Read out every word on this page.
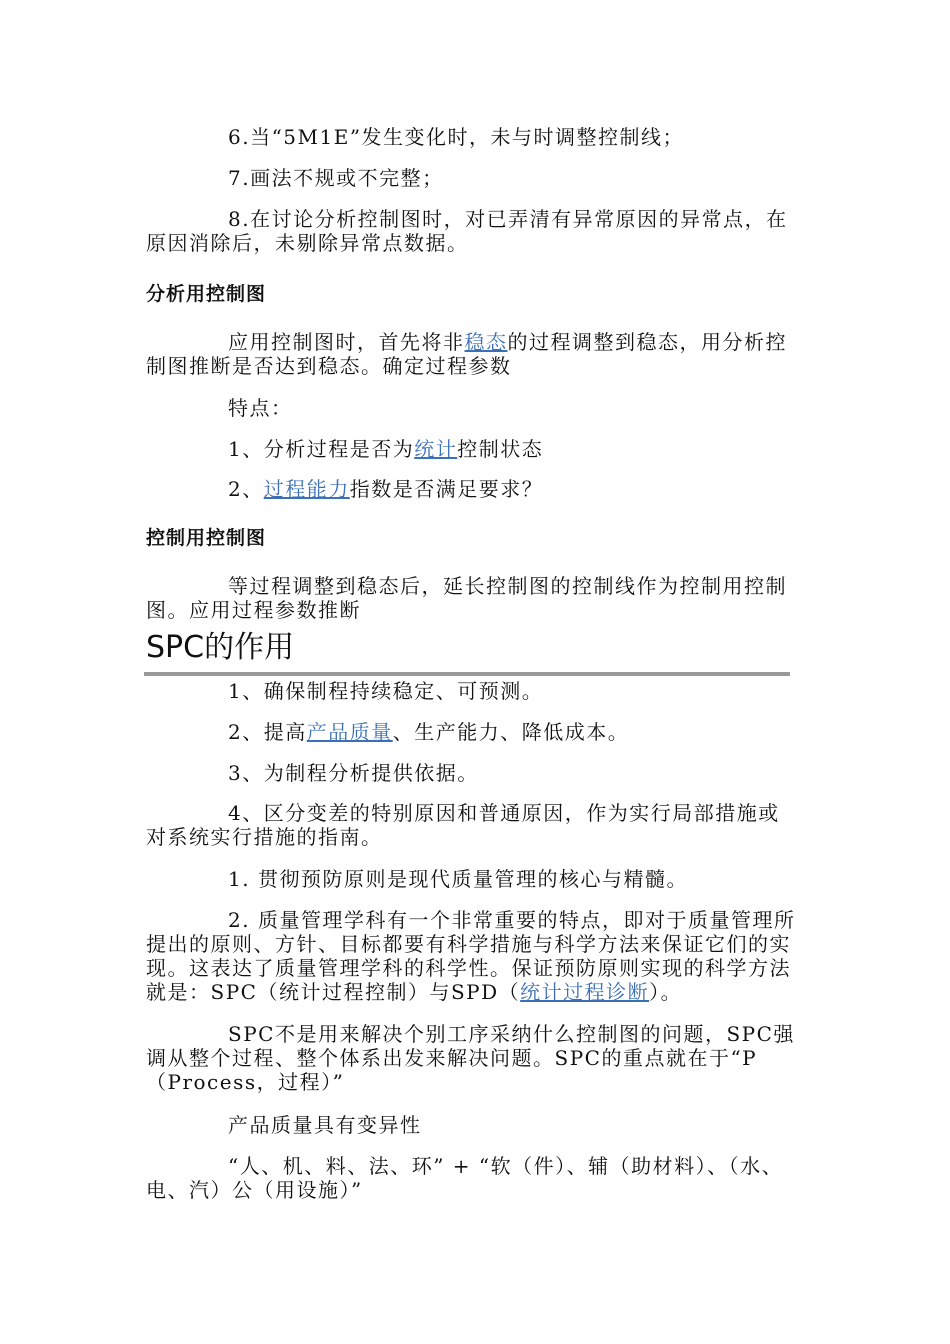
6.当“5M1E”发生变化时，未与时调整控制线；

7.画法不规或不完整；

8.在讨论分析控制图时，对已弄清有异常原因的异常点，在原因消除后，未剔除异常点数据。

分析用控制图

应用控制图时，首先将非稳态的过程调整到稳态，用分析控制图推断是否达到稳态。确定过程参数

特点：

1、分析过程是否为统计控制状态

2、过程能力指数是否满足要求？

控制用控制图

等过程调整到稳态后，延长控制图的控制线作为控制用控制图。应用过程参数推断

SPC的作用

1、确保制程持续稳定、可预测。

2、提高产品质量、生产能力、降低成本。

3、为制程分析提供依据。

4、区分变差的特别原因和普通原因，作为实行局部措施或对系统实行措施的指南。

1. 贯彻预防原则是现代质量管理的核心与精髓。

2. 质量管理学科有一个非常重要的特点，即对于质量管理所提出的原则、方针、目标都要有科学措施与科学方法来保证它们的实现。这表达了质量管理学科的科学性。保证预防原则实现的科学方法就是：SPC（统计过程控制）与SPD（统计过程诊断）。

SPC不是用来解决个别工序采纳什么控制图的问题，SPC强调从整个过程、整个体系出发来解决问题。SPC的重点就在于“P（Process，过程）”

产品质量具有变异性

“人、机、料、法、环” + “软（件）、辅（助材料）、（水、电、汽）公（用设施）”
